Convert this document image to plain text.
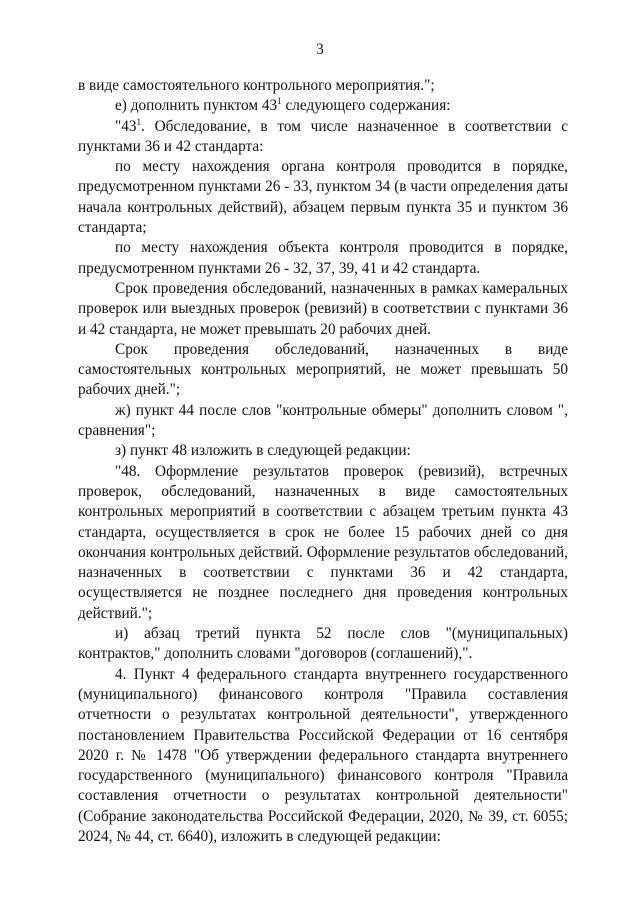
3

в виде самостоятельного контрольного мероприятия.";

е) дополнить пунктом $43^1$ следующего содержания:

"$43^1$. Обследование, в том числе назначенное в соответствии с пунктами 36 и 42 стандарта:

по месту нахождения органа контроля проводится в порядке, предусмотренном пунктами 26 - 33, пунктом 34 (в части определения даты начала контрольных действий), абзацем первым пункта 35 и пунктом 36 стандарта;

по месту нахождения объекта контроля проводится в порядке, предусмотренном пунктами 26 - 32, 37, 39, 41 и 42 стандарта.

Срок проведения обследований, назначенных в рамках камеральных проверок или выездных проверок (ревизий) в соответствии с пунктами 36 и 42 стандарта, не может превышать 20 рабочих дней.

Срок проведения обследований, назначенных в виде самостоятельных контрольных мероприятий, не может превышать 50 рабочих дней.";

ж) пункт 44 после слов "контрольные обмеры" дополнить словом ", сравнения";

з) пункт 48 изложить в следующей редакции:

"48. Оформление результатов проверок (ревизий), встречных проверок, обследований, назначенных в виде самостоятельных контрольных мероприятий в соответствии с абзацем третьим пункта 43 стандарта, осуществляется в срок не более 15 рабочих дней со дня окончания контрольных действий. Оформление результатов обследований, назначенных в соответствии с пунктами 36 и 42 стандарта, осуществляется не позднее последнего дня проведения контрольных действий.";

и) абзац третий пункта 52 после слов "(муниципальных) контрактов," дополнить словами "договоров (соглашений),".

4. Пункт 4 федерального стандарта внутреннего государственного (муниципального) финансового контроля "Правила составления отчетности о результатах контрольной деятельности", утвержденного постановлением Правительства Российской Федерации от 16 сентября 2020 г. № 1478 "Об утверждении федерального стандарта внутреннего государственного (муниципального) финансового контроля "Правила составления отчетности о результатах контрольной деятельности" (Собрание законодательства Российской Федерации, 2020, № 39, ст. 6055; 2024, № 44, ст. 6640), изложить в следующей редакции:
